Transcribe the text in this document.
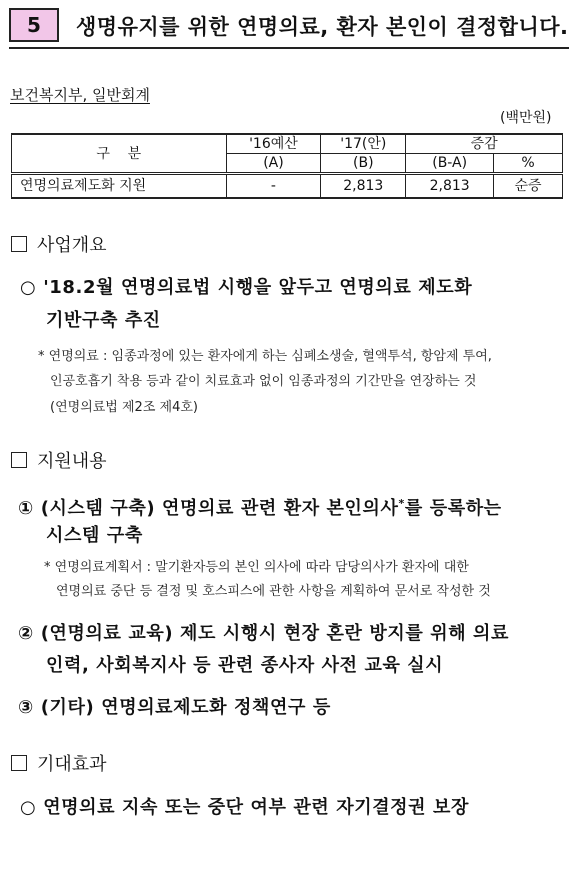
5 생명유지를 위한 연명의료, 환자 본인이 결정합니다.
보건복지부, 일반회계
(백만원)
구    분	'16예산	'17(안)	증감	
	(A)	(B)	(B-A)	%
연명의료제도화 지원	-	2,813	2,813	순증
사업개요
○ '18.2월 연명의료법 시행을 앞두고 연명의료 제도화
기반구축 추진
* 연명의료 : 임종과정에 있는 환자에게 하는 심폐소생술, 혈액투석, 항암제 투여,
인공호흡기 착용 등과 같이 치료효과 없이 임종과정의 기간만을 연장하는 것
(연명의료법 제2조 제4호)
지원내용
① (시스템 구축) 연명의료 관련 환자 본인의사*를 등록하는
시스템 구축
* 연명의료계획서 : 말기환자등의 본인 의사에 따라 담당의사가 환자에 대한
연명의료 중단 등 결정 및 호스피스에 관한 사항을 계획하여 문서로 작성한 것
② (연명의료 교육) 제도 시행시 현장 혼란 방지를 위해 의료
인력, 사회복지사 등 관련 종사자 사전 교육 실시
③ (기타) 연명의료제도화 정책연구 등
기대효과
○ 연명의료 지속 또는 중단 여부 관련 자기결정권 보장
